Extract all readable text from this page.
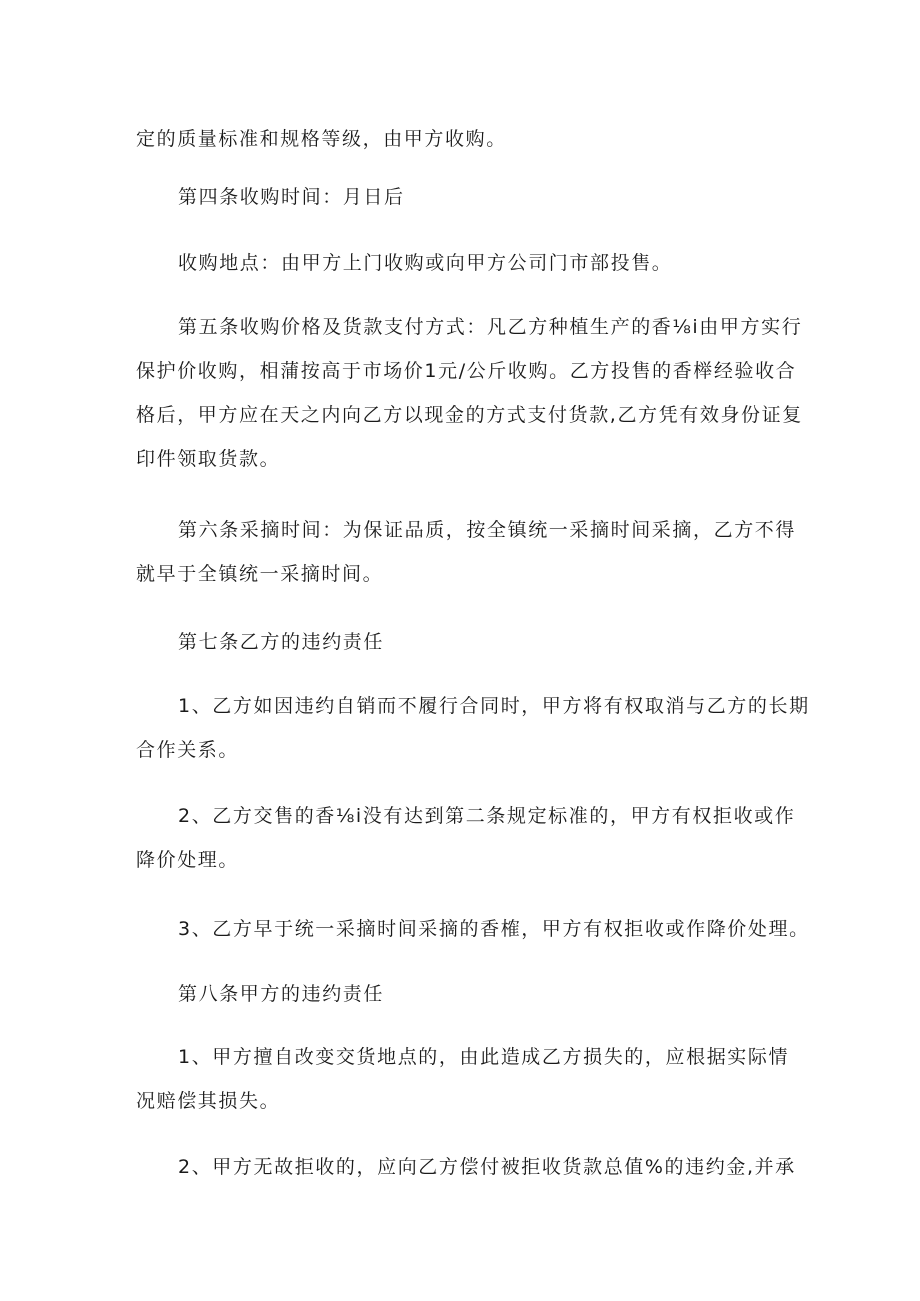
定的质量标准和规格等级，由甲方收购。

第四条收购时间：月日后

收购地点：由甲方上门收购或向甲方公司门市部投售。

第五条收购价格及货款支付方式：凡乙方种植生产的香⅛i由甲方实行
保护价收购，相蒲按高于市场价1元/公斤收购。乙方投售的香榉经验收合
格后，甲方应在天之内向乙方以现金的方式支付货款,乙方凭有效身份证复
印件领取货款。

第六条采摘时间：为保证品质，按全镇统一采摘时间采摘，乙方不得
就早于全镇统一采摘时间。

第七条乙方的违约责任

1、乙方如因违约自销而不履行合同时，甲方将有权取消与乙方的长期
合作关系。

2、乙方交售的香⅛i没有达到第二条规定标准的，甲方有权拒收或作
降价处理。

3、乙方早于统一采摘时间采摘的香榷，甲方有权拒收或作降价处理。

第八条甲方的违约责任

1、甲方擅自改变交货地点的，由此造成乙方损失的，应根据实际情
况赔偿其损失。

2、甲方无故拒收的，应向乙方偿付被拒收货款总值%的违约金,并承
